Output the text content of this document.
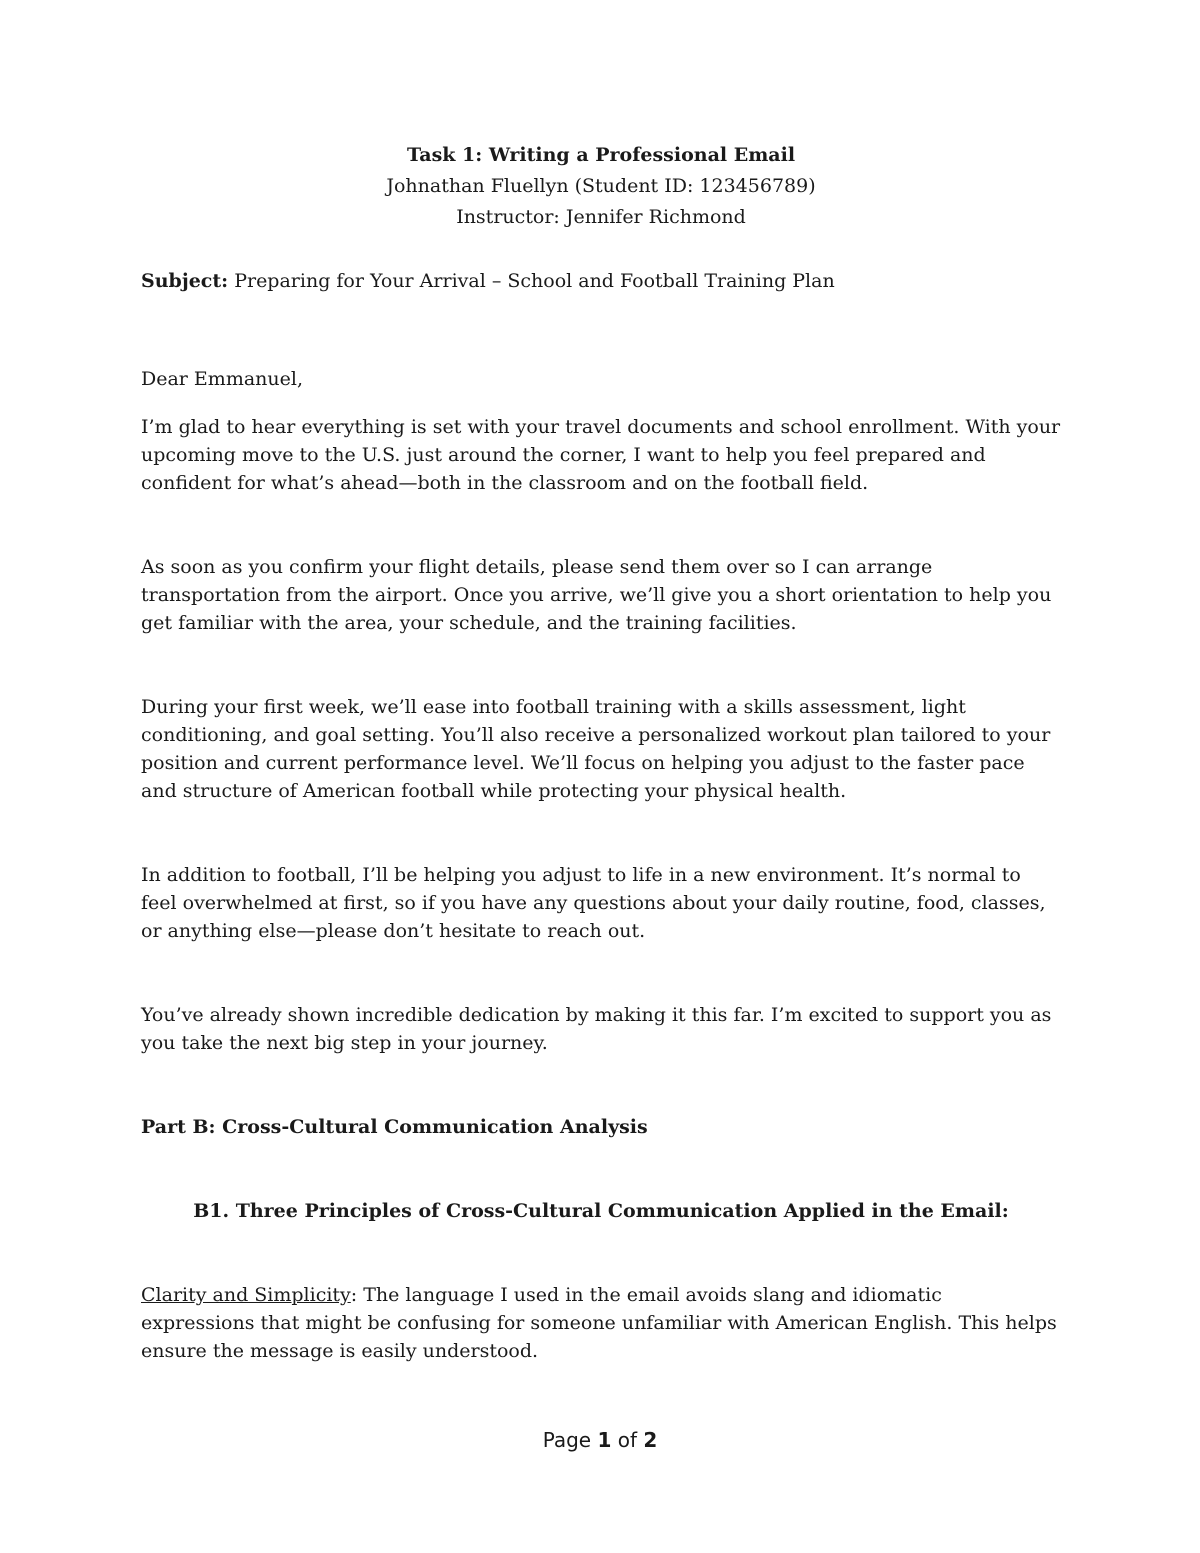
Task 1: Writing a Professional Email

Johnathan Fluellyn (Student ID: 123456789)

Instructor: Jennifer Richmond

Subject: Preparing for Your Arrival – School and Football Training Plan

Dear Emmanuel,

I’m glad to hear everything is set with your travel documents and school enrollment. With your upcoming move to the U.S. just around the corner, I want to help you feel prepared and confident for what’s ahead—both in the classroom and on the football field.

As soon as you confirm your flight details, please send them over so I can arrange transportation from the airport. Once you arrive, we’ll give you a short orientation to help you get familiar with the area, your schedule, and the training facilities.

During your first week, we’ll ease into football training with a skills assessment, light conditioning, and goal setting. You’ll also receive a personalized workout plan tailored to your position and current performance level. We’ll focus on helping you adjust to the faster pace and structure of American football while protecting your physical health.

In addition to football, I’ll be helping you adjust to life in a new environment. It’s normal to feel overwhelmed at first, so if you have any questions about your daily routine, food, classes, or anything else—please don’t hesitate to reach out.

You’ve already shown incredible dedication by making it this far. I’m excited to support you as you take the next big step in your journey.

Part B: Cross-Cultural Communication Analysis

B1. Three Principles of Cross-Cultural Communication Applied in the Email:

Clarity and Simplicity: The language I used in the email avoids slang and idiomatic expressions that might be confusing for someone unfamiliar with American English. This helps ensure the message is easily understood.

Page 1 of 2
